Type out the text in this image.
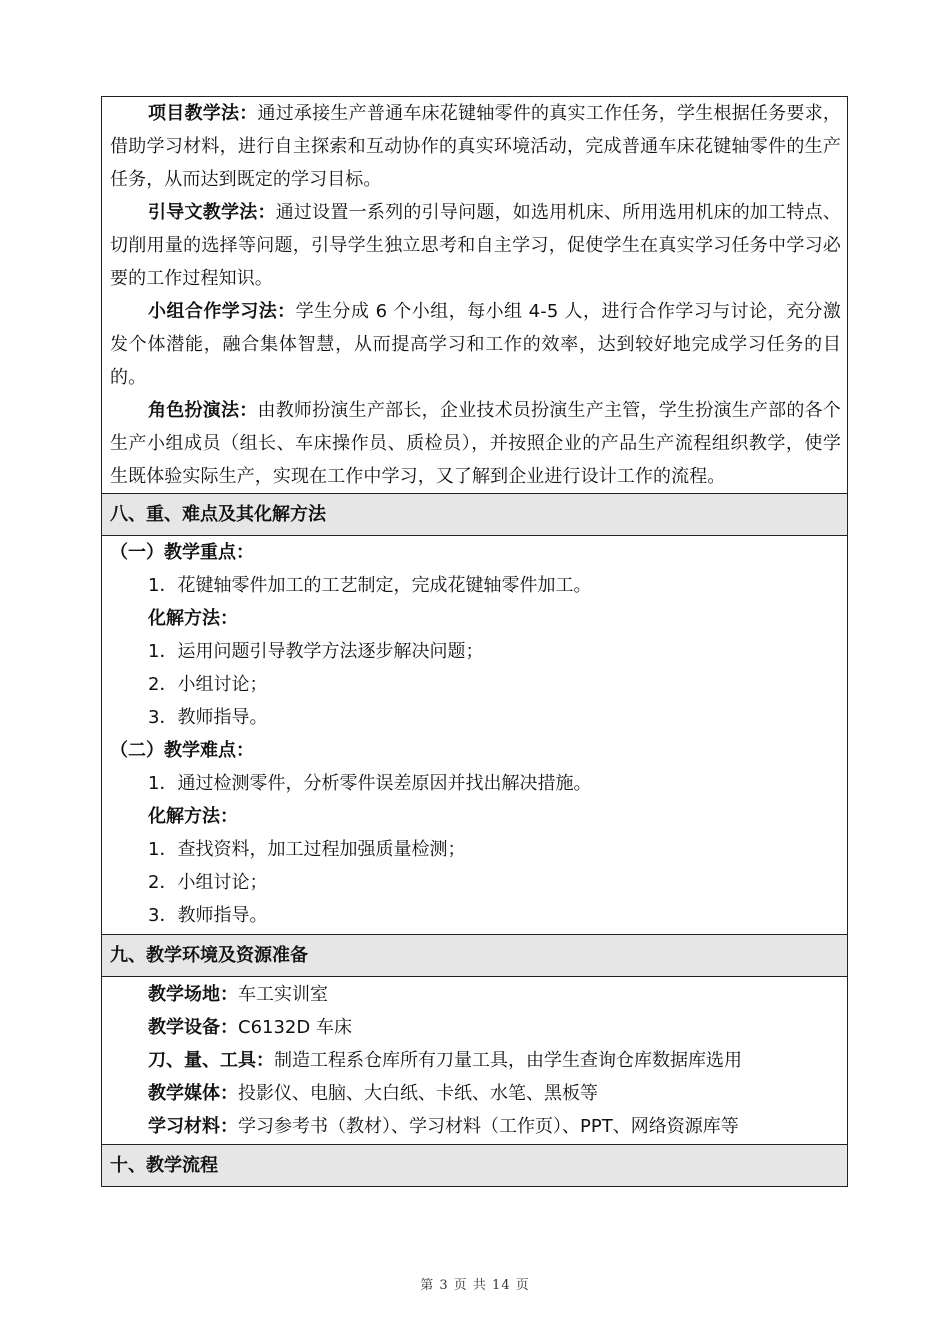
项目教学法：通过承接生产普通车床花键轴零件的真实工作任务，学生根据任务要求，借助学习材料，进行自主探索和互动协作的真实环境活动，完成普通车床花键轴零件的生产任务，从而达到既定的学习目标。
引导文教学法：通过设置一系列的引导问题，如选用机床、所用选用机床的加工特点、切削用量的选择等问题，引导学生独立思考和自主学习，促使学生在真实学习任务中学习必要的工作过程知识。
小组合作学习法：学生分成 6 个小组，每小组 4-5 人，进行合作学习与讨论，充分激发个体潜能，融合集体智慧，从而提高学习和工作的效率，达到较好地完成学习任务的目的。
角色扮演法：由教师扮演生产部长，企业技术员扮演生产主管，学生扮演生产部的各个生产小组成员（组长、车床操作员、质检员），并按照企业的产品生产流程组织教学，使学生既体验实际生产，实现在工作中学习，又了解到企业进行设计工作的流程。
八、重、难点及其化解方法
（一）教学重点：
1．花键轴零件加工的工艺制定，完成花键轴零件加工。
化解方法：
1．运用问题引导教学方法逐步解决问题；
2．小组讨论；
3．教师指导。
（二）教学难点：
1．通过检测零件，分析零件误差原因并找出解决措施。
化解方法：
1．查找资料，加工过程加强质量检测；
2．小组讨论；
3．教师指导。
九、教学环境及资源准备
教学场地：车工实训室
教学设备：C6132D 车床
刀、量、工具：制造工程系仓库所有刀量工具，由学生查询仓库数据库选用
教学媒体：投影仪、电脑、大白纸、卡纸、水笔、黑板等
学习材料：学习参考书（教材）、学习材料（工作页）、PPT、网络资源库等
十、教学流程
第 3 页 共 14 页
